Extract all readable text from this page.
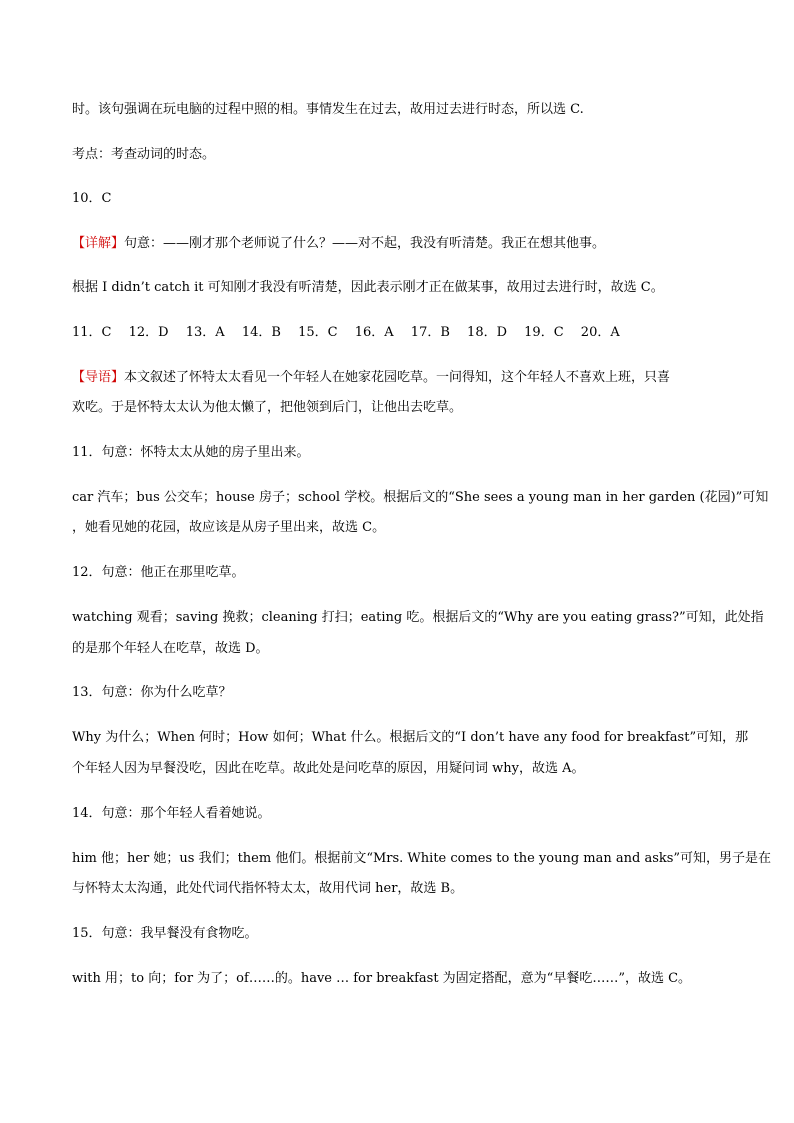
时。该句强调在玩电脑的过程中照的相。事情发生在过去，故用过去进行时态，所以选 C.
考点：考查动词的时态。
10．C
【详解】句意：——刚才那个老师说了什么？——对不起，我没有听清楚。我正在想其他事。
根据 I didn’t catch it 可知刚才我没有听清楚，因此表示刚才正在做某事，故用过去进行时，故选 C。
11．C 12．D 13．A 14．B 15．C 16．A 17．B 18．D 19．C 20．A
【导语】本文叙述了怀特太太看见一个年轻人在她家花园吃草。一问得知，这个年轻人不喜欢上班，只喜
欢吃。于是怀特太太认为他太懒了，把他领到后门，让他出去吃草。
11．句意：怀特太太从她的房子里出来。
car 汽车；bus 公交车；house 房子；school 学校。根据后文的“She sees a young man in her garden (花园)”可知
，她看见她的花园，故应该是从房子里出来，故选 C。
12．句意：他正在那里吃草。
watching 观看；saving 挽救；cleaning 打扫；eating 吃。根据后文的“Why are you eating grass?”可知，此处指
的是那个年轻人在吃草，故选 D。
13．句意：你为什么吃草？
Why 为什么；When 何时；How 如何；What 什么。根据后文的“I don’t have any food for breakfast”可知，那
个年轻人因为早餐没吃，因此在吃草。故此处是问吃草的原因，用疑问词 why，故选 A。
14．句意：那个年轻人看着她说。
him 他；her 她；us 我们；them 他们。根据前文“Mrs. White comes to the young man and asks”可知，男子是在
与怀特太太沟通，此处代词代指怀特太太，故用代词 her，故选 B。
15．句意：我早餐没有食物吃。
with 用；to 向；for 为了；of……的。have … for breakfast 为固定搭配，意为“早餐吃……”，故选 C。
